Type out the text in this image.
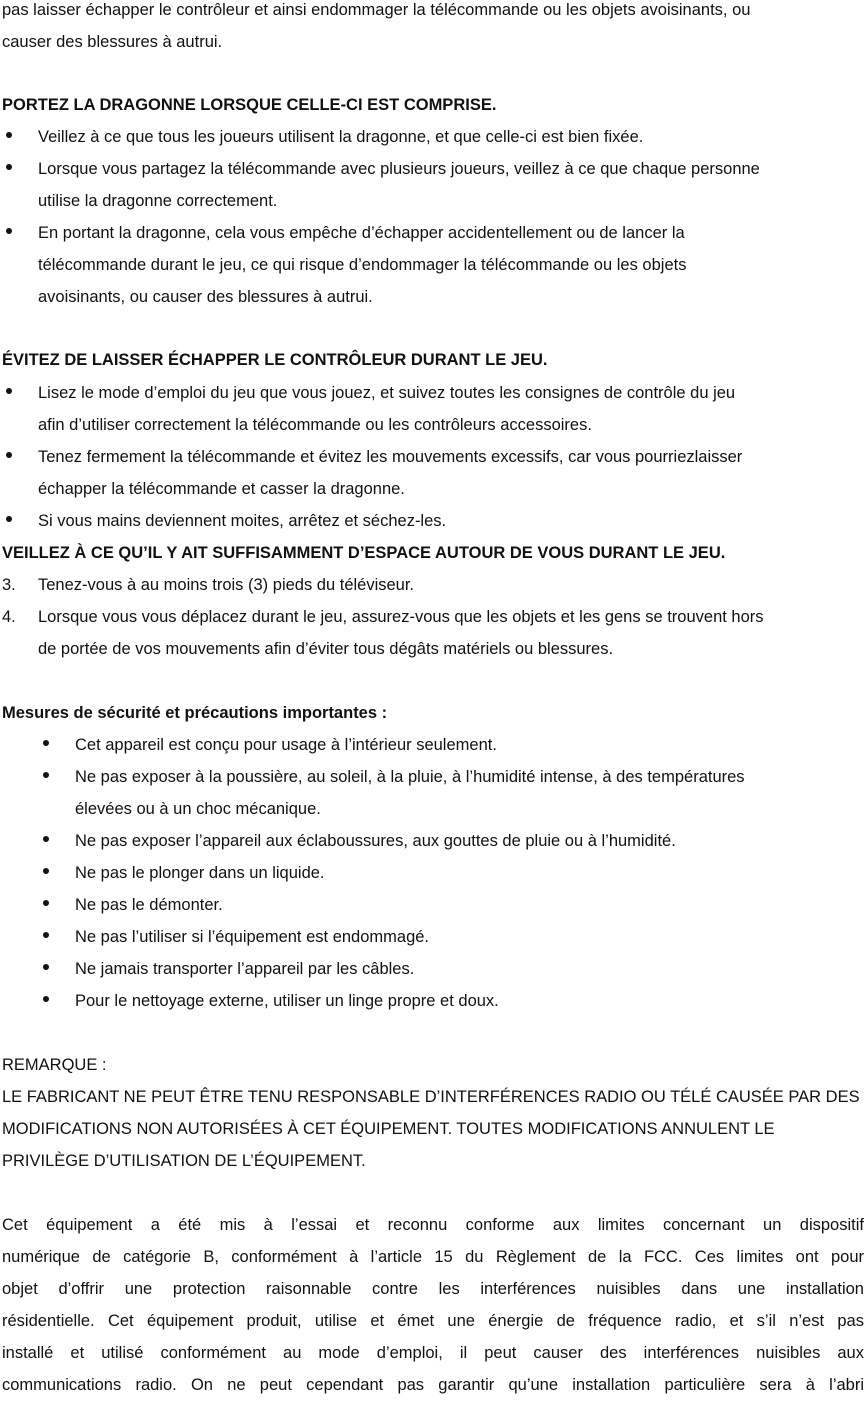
pas laisser échapper le contrôleur et ainsi endommager la télécommande ou les objets avoisinants, ou
causer des blessures à autrui.
PORTEZ LA DRAGONNE LORSQUE CELLE-CI EST COMPRISE.
Veillez à ce que tous les joueurs utilisent la dragonne, et que celle-ci est bien fixée.
Lorsque vous partagez la télécommande avec plusieurs joueurs, veillez à ce que chaque personne
utilise la dragonne correctement.
En portant la dragonne, cela vous empêche d’échapper accidentellement ou de lancer la
télécommande durant le jeu, ce qui risque d’endommager la télécommande ou les objets
avoisinants, ou causer des blessures à autrui.
ÉVITEZ DE LAISSER ÉCHAPPER LE CONTRÔLEUR DURANT LE JEU.
Lisez le mode d’emploi du jeu que vous jouez, et suivez toutes les consignes de contrôle du jeu
afin d’utiliser correctement la télécommande ou les contrôleurs accessoires.
Tenez fermement la télécommande et évitez les mouvements excessifs, car vous pourriezlaisser
échapper la télécommande et casser la dragonne.
Si vous mains deviennent moites, arrêtez et séchez-les.
VEILLEZ À CE QU’IL Y AIT SUFFISAMMENT D’ESPACE AUTOUR DE VOUS DURANT LE JEU.
3. Tenez-vous à au moins trois (3) pieds du téléviseur.
4. Lorsque vous vous déplacez durant le jeu, assurez-vous que les objets et les gens se trouvent hors
de portée de vos mouvements afin d’éviter tous dégâts matériels ou blessures.
Mesures de sécurité et précautions importantes :
Cet appareil est conçu pour usage à l’intérieur seulement.
Ne pas exposer à la poussière, au soleil, à la pluie, à l’humidité intense, à des températures
élevées ou à un choc mécanique.
Ne pas exposer l’appareil aux éclaboussures, aux gouttes de pluie ou à l’humidité.
Ne pas le plonger dans un liquide.
Ne pas le démonter.
Ne pas l’utiliser si l’équipement est endommagé.
Ne jamais transporter l’appareil par les câbles.
Pour le nettoyage externe, utiliser un linge propre et doux.
REMARQUE :
LE FABRICANT NE PEUT ÊTRE TENU RESPONSABLE D’INTERFÉRENCES RADIO OU TÉLÉ CAUSÉE PAR DES
MODIFICATIONS NON AUTORISÉES À CET ÉQUIPEMENT. TOUTES MODIFICATIONS ANNULENT LE
PRIVILÈGE D’UTILISATION DE L’ÉQUIPEMENT.
Cet équipement a été mis à l’essai et reconnu conforme aux limites concernant un dispositif
numérique de catégorie B, conformément à l’article 15 du Règlement de la FCC. Ces limites ont pour
objet d’offrir une protection raisonnable contre les interférences nuisibles dans une installation
résidentielle. Cet équipement produit, utilise et émet une énergie de fréquence radio, et s’il n’est pas
installé et utilisé conformément au mode d’emploi, il peut causer des interférences nuisibles aux
communications radio. On ne peut cependant pas garantir qu’une installation particulière sera à l’abri
